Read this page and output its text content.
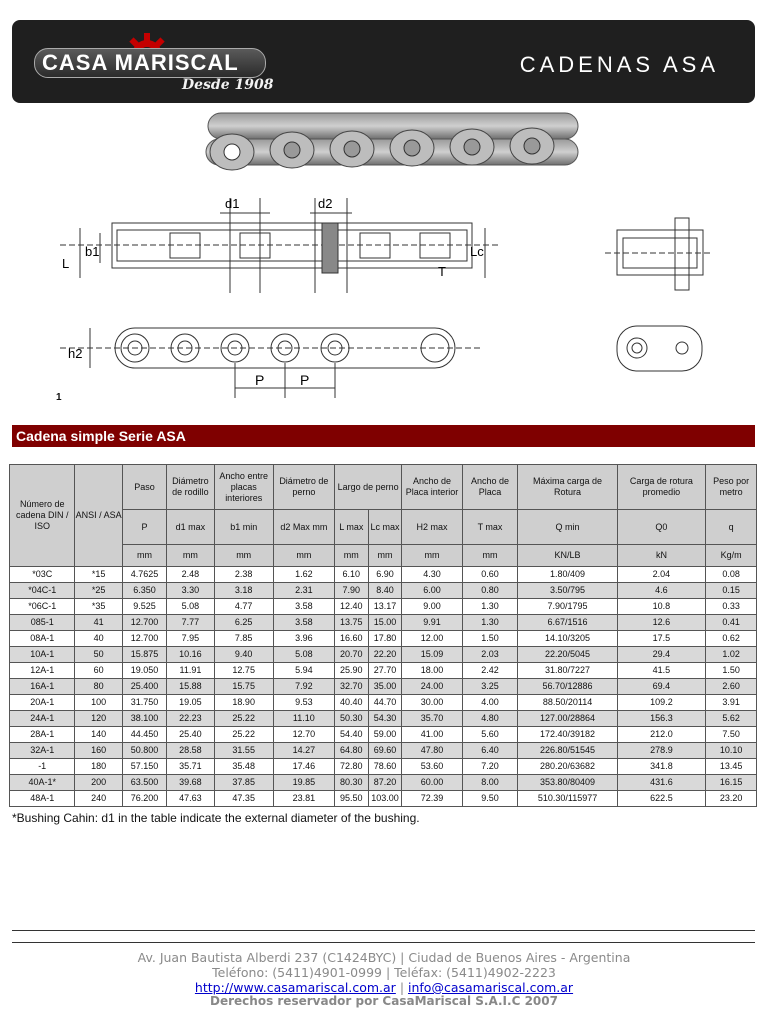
CASA MARISCAL
Desde 1908
CADENAS ASA
d1	d2
L
b1	Lc
T
h2
P	P
1
Cadena simple Serie ASA
Número de cadena DIN / ISO	ANSI / ASA	Paso	Diámetro de rodillo	Ancho entre placas interiores	Diámetro de perno	Largo de perno		Ancho de Placa interior	Ancho de Placa	Máxima carga de Rotura	Carga de rotura promedio	Peso por metro
		P	d1 max	b1 min	d2 Max mm	L max	Lc max	H2 max	T max	Q min	Q0	q
		mm	mm	mm	mm	mm	mm	mm	mm	KN/LB	kN	Kg/m
*03C	*15	4.7625	2.48	2.38	1.62	6.10	6.90	4.30	0.60	1.80/409	2.04	0.08
*04C-1	*25	6.350	3.30	3.18	2.31	7.90	8.40	6.00	0.80	3.50/795	4.6	0.15
*06C-1	*35	9.525	5.08	4.77	3.58	12.40	13.17	9.00	1.30	7.90/1795	10.8	0.33
085-1	41	12.700	7.77	6.25	3.58	13.75	15.00	9.91	1.30	6.67/1516	12.6	0.41
08A-1	40	12.700	7.95	7.85	3.96	16.60	17.80	12.00	1.50	14.10/3205	17.5	0.62
10A-1	50	15.875	10.16	9.40	5.08	20.70	22.20	15.09	2.03	22.20/5045	29.4	1.02
12A-1	60	19.050	11.91	12.75	5.94	25.90	27.70	18.00	2.42	31.80/7227	41.5	1.50
16A-1	80	25.400	15.88	15.75	7.92	32.70	35.00	24.00	3.25	56.70/12886	69.4	2.60
20A-1	100	31.750	19.05	18.90	9.53	40.40	44.70	30.00	4.00	88.50/20114	109.2	3.91
24A-1	120	38.100	22.23	25.22	11.10	50.30	54.30	35.70	4.80	127.00/28864	156.3	5.62
28A-1	140	44.450	25.40	25.22	12.70	54.40	59.00	41.00	5.60	172.40/39182	212.0	7.50
32A-1	160	50.800	28.58	31.55	14.27	64.80	69.60	47.80	6.40	226.80/51545	278.9	10.10
-1	180	57.150	35.71	35.48	17.46	72.80	78.60	53.60	7.20	280.20/63682	341.8	13.45
40A-1*	200	63.500	39.68	37.85	19.85	80.30	87.20	60.00	8.00	353.80/80409	431.6	16.15
48A-1	240	76.200	47.63	47.35	23.81	95.50	103.00	72.39	9.50	510.30/115977	622.5	23.20
*Bushing Cahin: d1 in the table indicate the external diameter of the bushing.
Av. Juan Bautista Alberdi 237 (C1424BYC) | Ciudad de Buenos Aires - Argentina
Teléfono: (5411)4901-0999 | Teléfax: (5411)4902-2223
http://www.casamariscal.com.ar | info@casamariscal.com.ar
Derechos reservador por CasaMariscal S.A.I.C 2007
